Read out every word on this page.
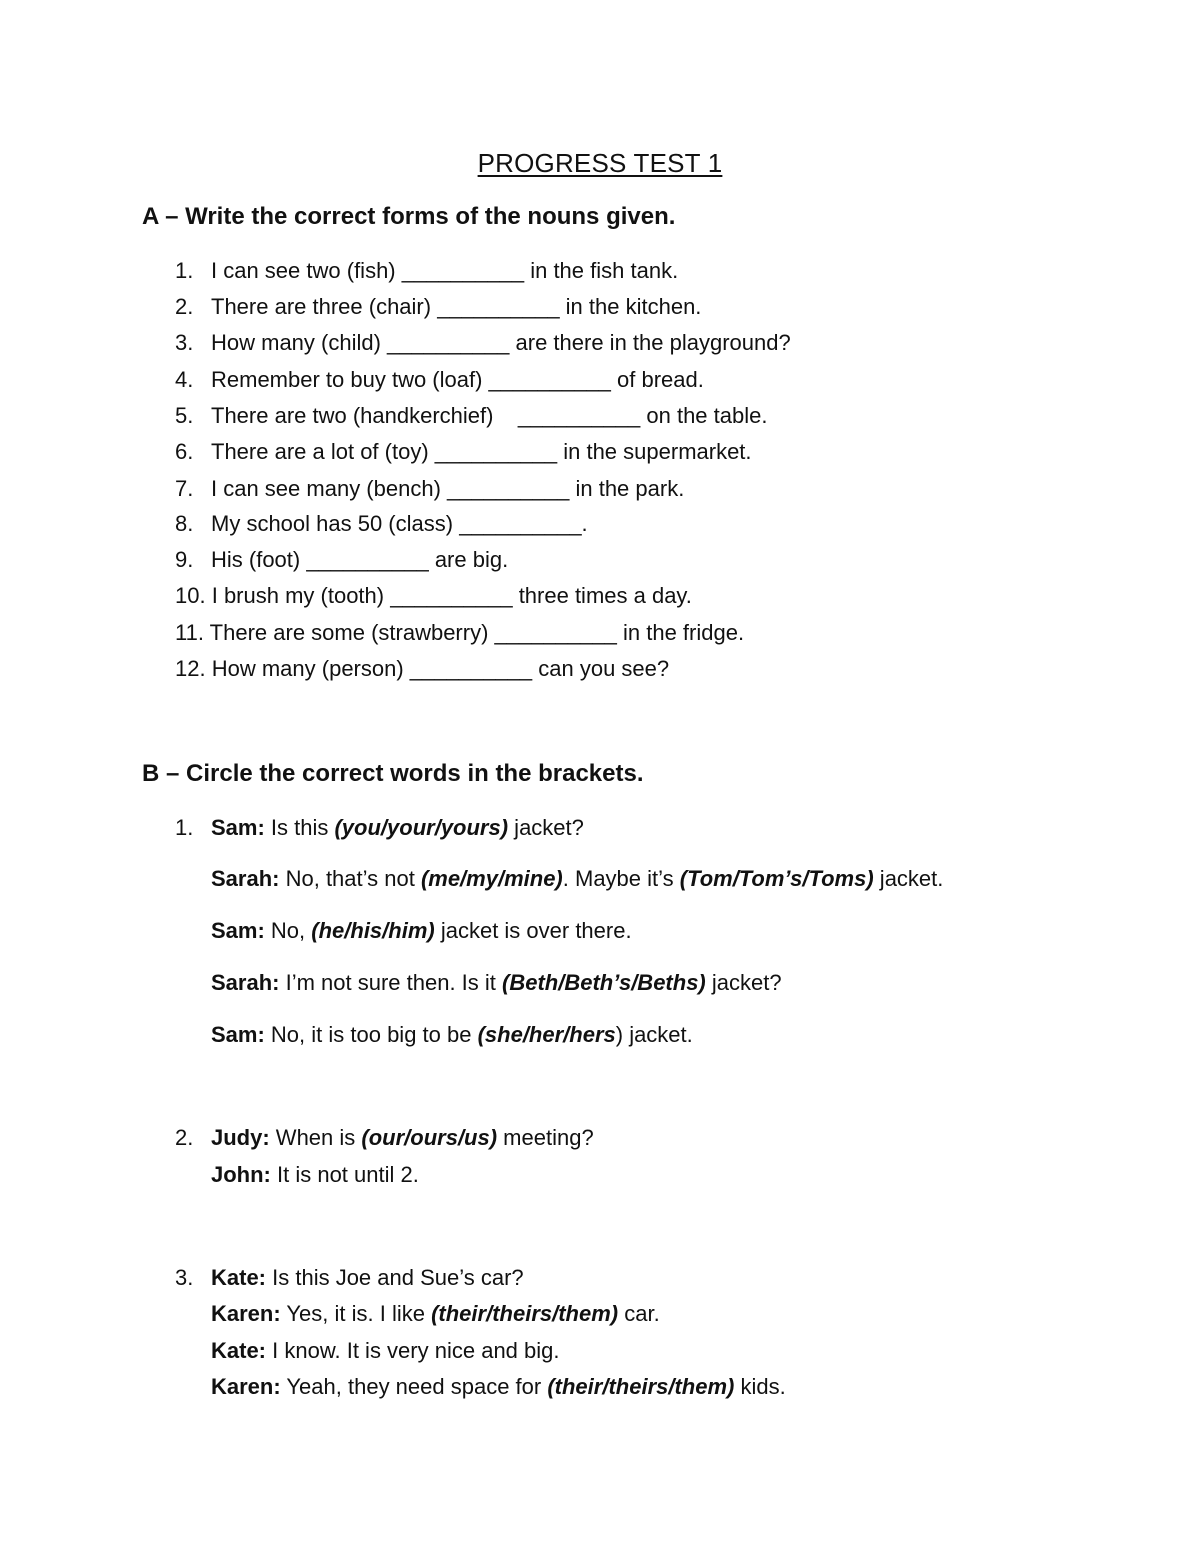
PROGRESS TEST 1
A – Write the correct forms of the nouns given.
1. I can see two (fish) __________ in the fish tank.
2. There are three (chair) __________ in the kitchen.
3. How many (child) __________ are there in the playground?
4. Remember to buy two (loaf) __________ of bread.
5. There are two (handkerchief)    __________ on the table.
6. There are a lot of (toy) __________ in the supermarket.
7. I can see many (bench) __________ in the park.
8. My school has 50 (class) __________.
9. His (foot) __________ are big.
10. I brush my (tooth) __________ three times a day.
11. There are some (strawberry) __________ in the fridge.
12. How many (person) __________ can you see?
B – Circle the correct words in the brackets.
1. Sam: Is this (you/your/yours) jacket?
Sarah: No, that’s not (me/my/mine). Maybe it’s (Tom/Tom’s/Toms) jacket.
Sam: No, (he/his/him) jacket is over there.
Sarah: I’m not sure then. Is it (Beth/Beth’s/Beths) jacket?
Sam: No, it is too big to be (she/her/hers) jacket.
2. Judy: When is (our/ours/us) meeting?
John: It is not until 2.
3. Kate: Is this Joe and Sue’s car?
Karen: Yes, it is. I like (their/theirs/them) car.
Kate: I know. It is very nice and big.
Karen: Yeah, they need space for (their/theirs/them) kids.
